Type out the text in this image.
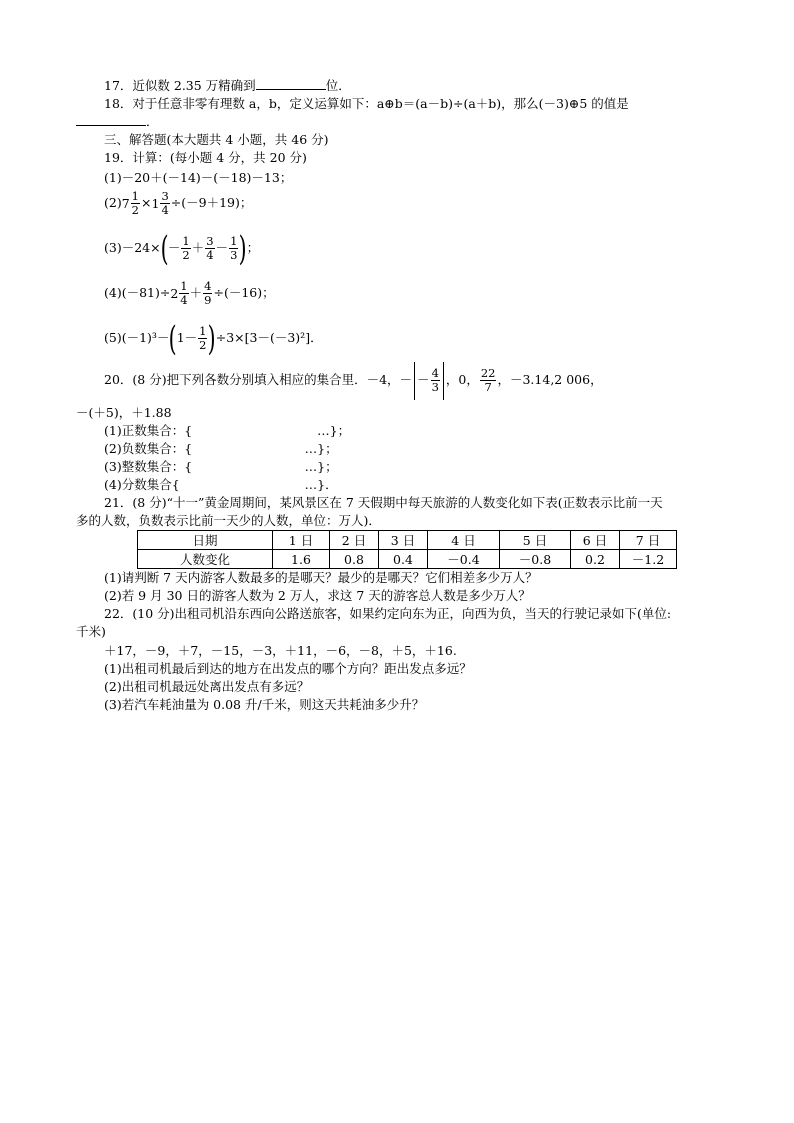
17．近似数 2.35 万精确到	位．
18．对于任意非零有理数 a，b，定义运算如下：a⊕b＝(a－b)÷(a＋b)，那么(－3)⊕5 的值是
．
三、解答题(本大题共 4 小题，共 46 分)
19．计算：(每小题 4 分，共 20 分)
(1)－20＋(－14)－(－18)－13；
$(2)7 \frac{1}{2} \times 1 \frac{3}{4} \div(-9+19)$；
$(3)-24\times(- \frac{1}{2} + \frac{3}{4} - \frac{1}{3}$ )；
$(4)(-81)\div 2 \frac{1}{4} + \frac{4}{9} \div(-16)$；
$(5)(-1)^3-(1- \frac{1}{2} )\div 3\times[3-(-3)^2]$．
20．(8 分)把下列各数分别填入相应的集合里．－4，－ － $\frac{4}{3}$ ，0， $\frac{22}{7}$ ，－3.14,2 006，
－(＋5)，＋1.88
(1)正数集合：{　　　　　　　　　　…}；
(2)负数集合：{　　　　　　　　　…}；
(3)整数集合：{　　　　　　　　　…}；
(4)分数集合{　　　　　　　　　　…}．
21．(8 分)“十一”黄金周期间，某风景区在 7 天假期中每天旅游的人数变化如下表(正数表示比前一天
多的人数，负数表示比前一天少的人数，单位：万人)．
日期	1 日	2 日	3 日	4 日	5 日	6 日	7 日
人数变化	1.6	0.8	0.4	－0.4	－0.8	0.2	－1.2
(1)请判断 7 天内游客人数最多的是哪天？最少的是哪天？它们相差多少万人？
(2)若 9 月 30 日的游客人数为 2 万人，求这 7 天的游客总人数是多少万人？
22．(10 分)出租司机沿东西向公路送旅客，如果约定向东为正，向西为负，当天的行驶记录如下(单位:
千米)
＋17，－9，＋7，－15，－3，＋11，－6，－8，＋5，＋16.
(1)出租司机最后到达的地方在出发点的哪个方向？距出发点多远？
(2)出租司机最远处离出发点有多远？
(3)若汽车耗油量为 0.08 升/千米，则这天共耗油多少升？
